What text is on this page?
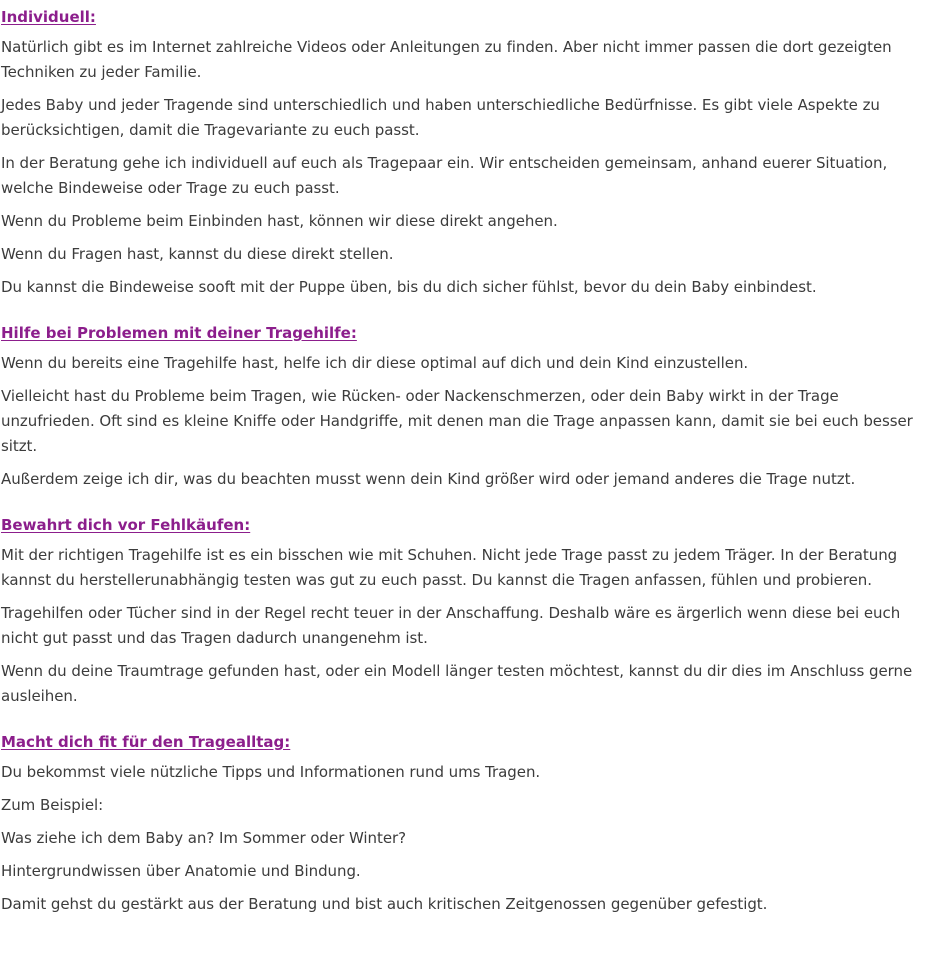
Individuell:

Natürlich gibt es im Internet zahlreiche Videos oder Anleitungen zu finden. Aber nicht immer passen die dort gezeigten Techniken zu jeder Familie.

Jedes Baby und jeder Tragende sind unterschiedlich und haben unterschiedliche Bedürfnisse. Es gibt viele Aspekte zu berücksichtigen, damit die Tragevariante zu euch passt.

In der Beratung gehe ich individuell auf euch als Tragepaar ein. Wir entscheiden gemeinsam, anhand euerer Situation, welche Bindeweise oder Trage zu euch passt.

Wenn du Probleme beim Einbinden hast, können wir diese direkt angehen.

Wenn du Fragen hast, kannst du diese direkt stellen.

Du kannst die Bindeweise sooft mit der Puppe üben, bis du dich sicher fühlst, bevor du dein Baby einbindest.

Hilfe bei Problemen mit deiner Tragehilfe:

Wenn du bereits eine Tragehilfe hast, helfe ich dir diese optimal auf dich und dein Kind einzustellen.

Vielleicht hast du Probleme beim Tragen, wie Rücken- oder Nackenschmerzen, oder dein Baby wirkt in der Trage unzufrieden. Oft sind es kleine Kniffe oder Handgriffe, mit denen man die Trage anpassen kann, damit sie bei euch besser sitzt.

Außerdem zeige ich dir, was du beachten musst wenn dein Kind größer wird oder jemand anderes die Trage nutzt.

Bewahrt dich vor Fehlkäufen:

Mit der richtigen Tragehilfe ist es ein bisschen wie mit Schuhen. Nicht jede Trage passt zu jedem Träger. In der Beratung kannst du herstellerunabhängig testen was gut zu euch passt. Du kannst die Tragen anfassen, fühlen und probieren.

Tragehilfen oder Tücher sind in der Regel recht teuer in der Anschaffung. Deshalb wäre es ärgerlich wenn diese bei euch nicht gut passt und das Tragen dadurch unangenehm ist.

Wenn du deine Traumtrage gefunden hast, oder ein Modell länger testen möchtest, kannst du dir dies im Anschluss gerne ausleihen.

Macht dich fit für den Tragealltag:

Du bekommst viele nützliche Tipps und Informationen rund ums Tragen.

Zum Beispiel:

Was ziehe ich dem Baby an? Im Sommer oder Winter?

Hintergrundwissen über Anatomie und Bindung.

Damit gehst du gestärkt aus der Beratung und bist auch kritischen Zeitgenossen gegenüber gefestigt.
